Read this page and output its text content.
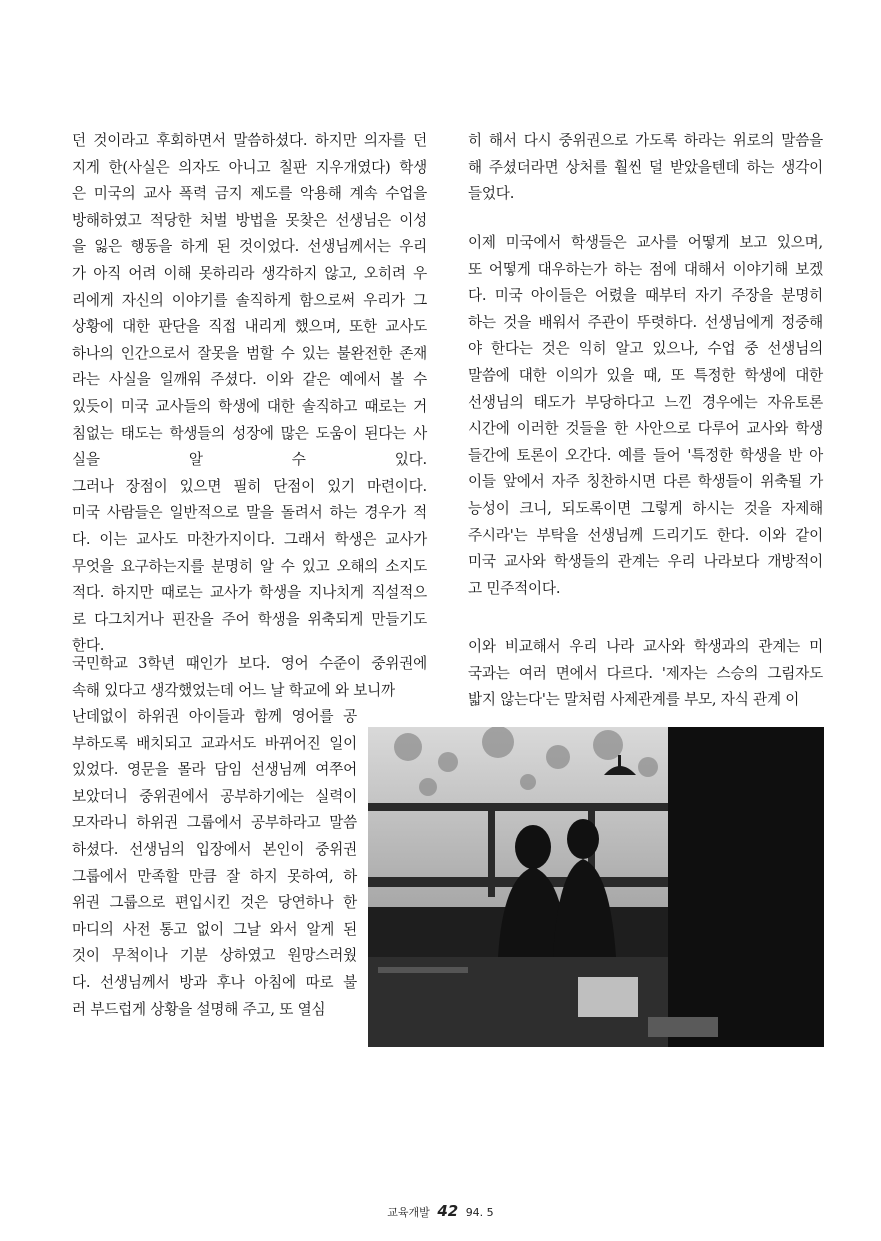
던 것이라고 후회하면서 말씀하셨다. 하지만 의자를 던
지게 한(사실은 의자도 아니고 칠판 지우개였다) 학생
은 미국의 교사 폭력 금지 제도를 악용해 계속 수업을
방해하였고 적당한 처벌 방법을 못찾은 선생님은 이성
을 잃은 행동을 하게 된 것이었다. 선생님께서는 우리
가 아직 어려 이해 못하리라 생각하지 않고, 오히려 우
리에게 자신의 이야기를 솔직하게 함으로써 우리가 그
상황에 대한 판단을 직접 내리게 했으며, 또한 교사도
하나의 인간으로서 잘못을 범할 수 있는 불완전한 존재
라는 사실을 일깨워 주셨다. 이와 같은 예에서 볼 수
있듯이 미국 교사들의 학생에 대한 솔직하고 때로는 거
침없는 태도는 학생들의 성장에 많은 도움이 된다는 사
실을 알 수 있다.
그러나 장점이 있으면 필히 단점이 있기 마련이다.
미국 사람들은 일반적으로 말을 돌려서 하는 경우가 적
다. 이는 교사도 마찬가지이다. 그래서 학생은 교사가
무엇을 요구하는지를 분명히 알 수 있고 오해의 소지도
적다. 하지만 때로는 교사가 학생을 지나치게 직설적으
로 다그치거나 핀잔을 주어 학생을 위축되게 만들기도
한다.
국민학교 3학년 때인가 보다. 영어 수준이 중위권에
속해 있다고 생각했었는데 어느 날 학교에 와 보니까
난데없이 하위권 아이들과 함께 영어를 공
부하도록 배치되고 교과서도 바뀌어진 일이
있었다. 영문을 몰라 담임 선생님께 여쭈어
보았더니 중위권에서 공부하기에는 실력이
모자라니 하위권 그룹에서 공부하라고 말씀
하셨다. 선생님의 입장에서 본인이 중위권
그룹에서 만족할 만큼 잘 하지 못하여, 하
위권 그룹으로 편입시킨 것은 당연하나 한
마디의 사전 통고 없이 그날 와서 알게 된
것이 무척이나 기분 상하였고 원망스러웠
다. 선생님께서 방과 후나 아침에 따로 불
러 부드럽게 상황을 설명해 주고, 또 열심
히 해서 다시 중위권으로 가도록 하라는 위로의 말씀을
해 주셨더라면 상처를 훨씬 덜 받았을텐데 하는 생각이
들었다.
이제 미국에서 학생들은 교사를 어떻게 보고 있으며,
또 어떻게 대우하는가 하는 점에 대해서 이야기해 보겠
다. 미국 아이들은 어렸을 때부터 자기 주장을 분명히
하는 것을 배워서 주관이 뚜렷하다. 선생님에게 정중해
야 한다는 것은 익히 알고 있으나, 수업 중 선생님의
말씀에 대한 이의가 있을 때, 또 특정한 학생에 대한
선생님의 태도가 부당하다고 느낀 경우에는 자유토론
시간에 이러한 것들을 한 사안으로 다루어 교사와 학생
들간에 토론이 오간다. 예를 들어 '특정한 학생을 반 아
이들 앞에서 자주 칭찬하시면 다른 학생들이 위축될 가
능성이 크니, 되도록이면 그렇게 하시는 것을 자제해
주시라'는 부탁을 선생님께 드리기도 한다. 이와 같이
미국 교사와 학생들의 관계는 우리 나라보다 개방적이
고 민주적이다.
이와 비교해서 우리 나라 교사와 학생과의 관계는 미
국과는 여러 면에서 다르다. '제자는 스승의 그림자도
밟지 않는다'는 말처럼 사제관계를 부모, 자식 관계 이
교육개발 42 94. 5
